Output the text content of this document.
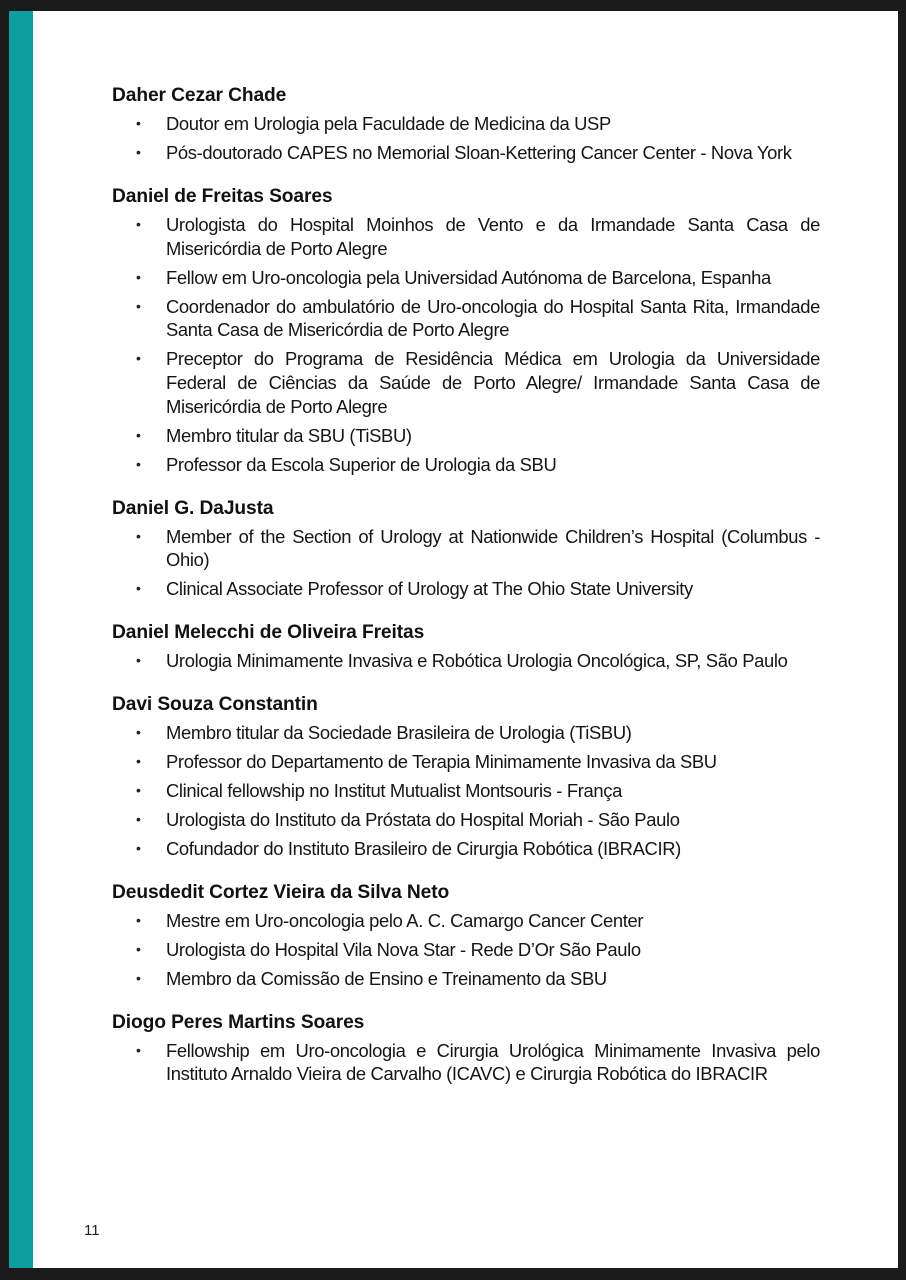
Daher Cezar Chade
• Doutor em Urologia pela Faculdade de Medicina da USP
• Pós-doutorado CAPES no Memorial Sloan-Kettering Cancer Center - Nova York
Daniel de Freitas Soares
• Urologista do Hospital Moinhos de Vento e da Irmandade Santa Casa de Misericórdia de Porto Alegre
• Fellow em Uro-oncologia pela Universidad Autónoma de Barcelona, Espanha
• Coordenador do ambulatório de Uro-oncologia do Hospital Santa Rita, Irmandade Santa Casa de Misericórdia de Porto Alegre
• Preceptor do Programa de Residência Médica em Urologia da Universidade Federal de Ciências da Saúde de Porto Alegre/ Irmandade Santa Casa de Misericórdia de Porto Alegre
• Membro titular da SBU (TiSBU)
• Professor da Escola Superior de Urologia da SBU
Daniel G. DaJusta
• Member of the Section of Urology at Nationwide Children’s Hospital (Columbus - Ohio)
• Clinical Associate Professor of Urology at The Ohio State University
Daniel Melecchi de Oliveira Freitas
• Urologia Minimamente Invasiva e Robótica Urologia Oncológica, SP, São Paulo
Davi Souza Constantin
• Membro titular da Sociedade Brasileira de Urologia (TiSBU)
• Professor do Departamento de Terapia Minimamente Invasiva da SBU
• Clinical fellowship no Institut Mutualist Montsouris - França
• Urologista do Instituto da Próstata do Hospital Moriah - São Paulo
• Cofundador do Instituto Brasileiro de Cirurgia Robótica (IBRACIR)
Deusdedit Cortez Vieira da Silva Neto
• Mestre em Uro-oncologia pelo A. C. Camargo Cancer Center
• Urologista do Hospital Vila Nova Star - Rede D’Or São Paulo
• Membro da Comissão de Ensino e Treinamento da SBU
Diogo Peres Martins Soares
• Fellowship em Uro-oncologia e Cirurgia Urológica Minimamente Invasiva pelo Instituto Arnaldo Vieira de Carvalho (ICAVC) e Cirurgia Robótica do IBRACIR
11
